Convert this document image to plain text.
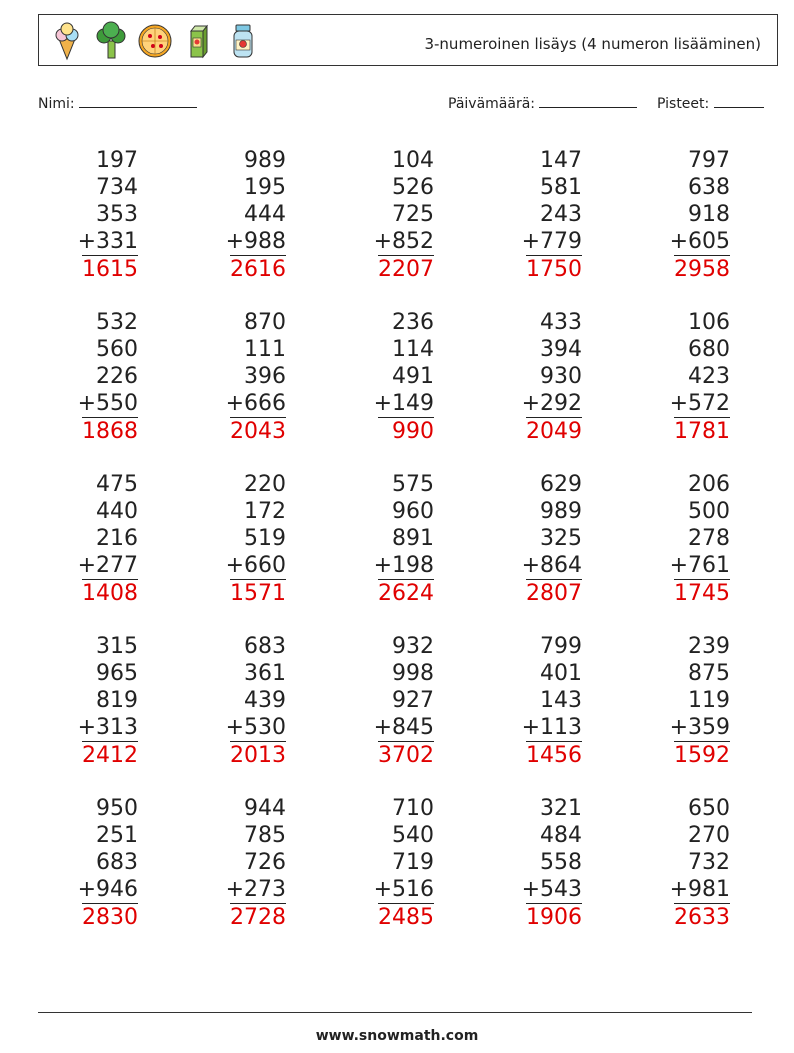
3-numeroinen lisäys (4 numeron lisääminen)
Nimi:	Päivämäärä:	Pisteet:
197
734
353
+331
1615
989
195
444
+988
2616
104
526
725
+852
2207
147
581
243
+779
1750
797
638
918
+605
2958
532
560
226
+550
1868
870
111
396
+666
2043
236
114
491
+149
990
433
394
930
+292
2049
106
680
423
+572
1781
475
440
216
+277
1408
220
172
519
+660
1571
575
960
891
+198
2624
629
989
325
+864
2807
206
500
278
+761
1745
315
965
819
+313
2412
683
361
439
+530
2013
932
998
927
+845
3702
799
401
143
+113
1456
239
875
119
+359
1592
950
251
683
+946
2830
944
785
726
+273
2728
710
540
719
+516
2485
321
484
558
+543
1906
650
270
732
+981
2633
www.snowmath.com
